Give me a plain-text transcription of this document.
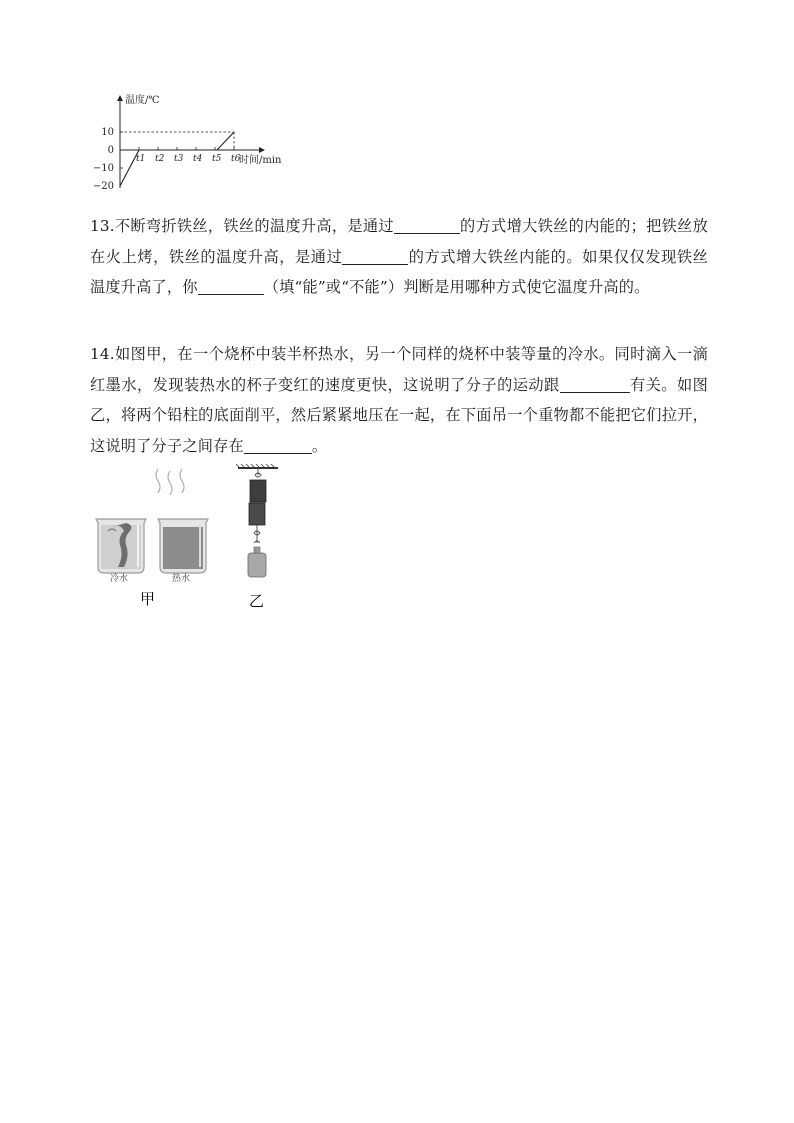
温度/℃
时间/min
10
0
−10
−20
t1 t2 t3 t4 t5 t6
13.不断弯折铁丝，铁丝的温度升高，是通过	的方式增大铁丝的内能的；把铁丝放在火上烤，铁丝的温度升高，是通过	的方式增大铁丝内能的。如果仅仅发现铁丝温度升高了，你	（填“能”或“不能”）判断是用哪种方式使它温度升高的。
14.如图甲，在一个烧杯中装半杯热水，另一个同样的烧杯中装等量的冷水。同时滴入一滴红墨水，发现装热水的杯子变红的速度更快，这说明了分子的运动跟	有关。如图乙，将两个铅柱的底面削平，然后紧紧地压在一起，在下面吊一个重物都不能把它们拉开，这说明了分子之间存在	。
冷水	热水
甲	乙
